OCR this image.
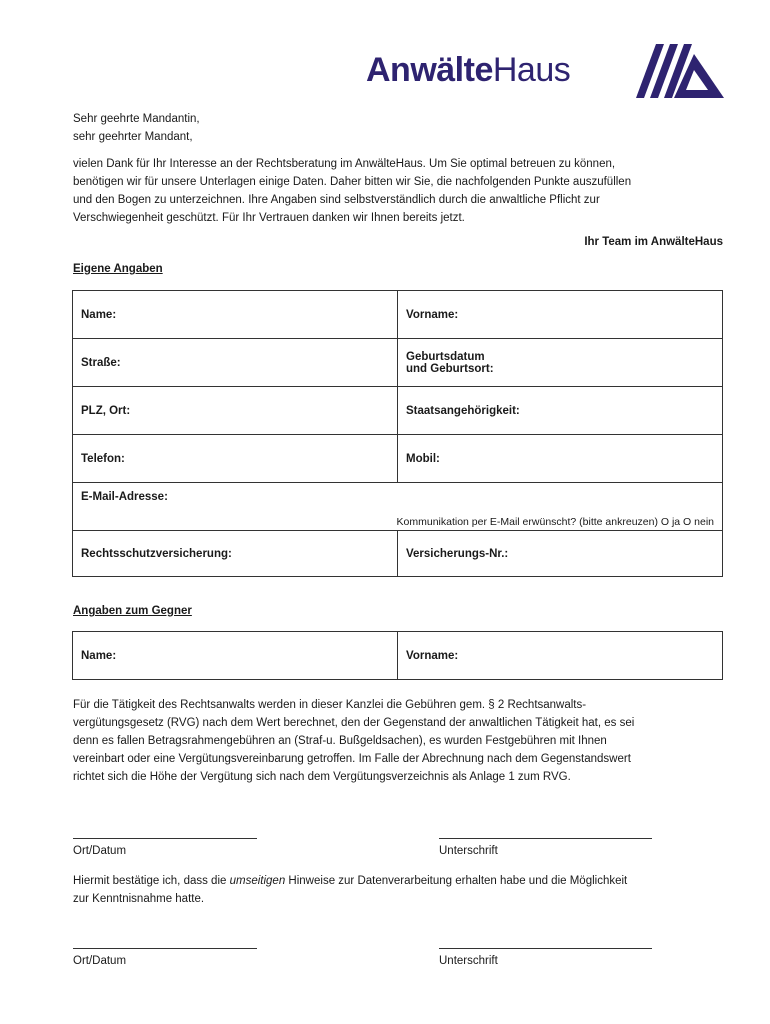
AnwälteHaus
Sehr geehrte Mandantin,
sehr geehrter Mandant,
vielen Dank für Ihr Interesse an der Rechtsberatung im AnwälteHaus. Um Sie optimal betreuen zu können,
benötigen wir für unsere Unterlagen einige Daten. Daher bitten wir Sie, die nachfolgenden Punkte auszufüllen
und den Bogen zu unterzeichnen. Ihre Angaben sind selbstverständlich durch die anwaltliche Pflicht zur
Verschwiegenheit geschützt. Für Ihr Vertrauen danken wir Ihnen bereits jetzt.
Ihr Team im AnwälteHaus
Eigene Angaben
Name:	Vorname:
Straße:	Geburtsdatum
und Geburtsort:
PLZ, Ort:	Staatsangehörigkeit:
Telefon:	Mobil:
E-Mail-Adresse:
Kommunikation per E-Mail erwünscht? (bitte ankreuzen) O ja O nein	

Rechtsschutzversicherung:	Versicherungs-Nr.:
Angaben zum Gegner
Name:	Vorname:
Für die Tätigkeit des Rechtsanwalts werden in dieser Kanzlei die Gebühren gem. § 2 Rechtsanwalts-
vergütungsgesetz (RVG) nach dem Wert berechnet, den der Gegenstand der anwaltlichen Tätigkeit hat, es sei
denn es fallen Betragsrahmengebühren an (Straf-u. Bußgeldsachen), es wurden Festgebühren mit Ihnen
vereinbart oder eine Vergütungsvereinbarung getroffen. Im Falle der Abrechnung nach dem Gegenstandswert
richtet sich die Höhe der Vergütung sich nach dem Vergütungsverzeichnis als Anlage 1 zum RVG.
Ort/Datum	Unterschrift
Hiermit bestätige ich, dass die umseitigen Hinweise zur Datenverarbeitung erhalten habe und die Möglichkeit
zur Kenntnisnahme hatte.
Ort/Datum	Unterschrift
